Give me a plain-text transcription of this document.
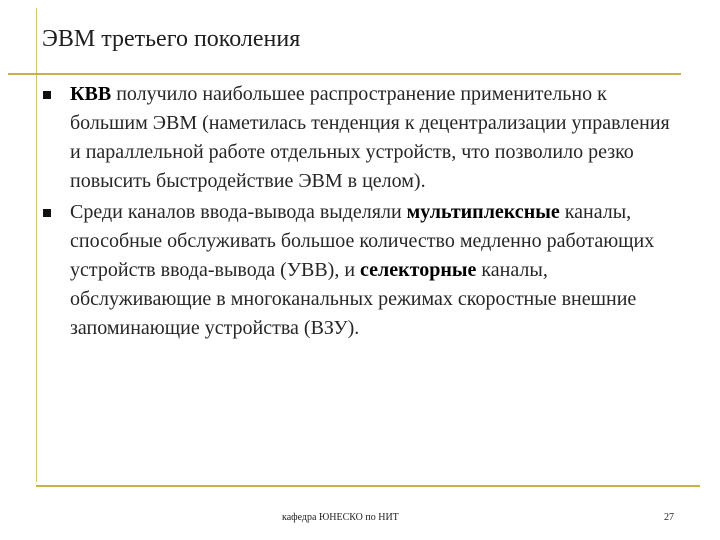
ЭВМ третьего поколения
КВВ получило наибольшее распространение применительно к большим ЭВМ (наметилась тенденция к децентрализации управления и параллельной работе отдельных устройств, что позволило резко повысить быстродействие ЭВМ в целом).
Среди каналов ввода-вывода выделяли мультиплексные каналы, способные обслуживать большое количество медленно работающих устройств ввода-вывода (УВВ), и селекторные каналы, обслуживающие в многоканальных режимах скоростные внешние запоминающие устройства (ВЗУ).
кафедра ЮНЕСКО по НИТ	27
